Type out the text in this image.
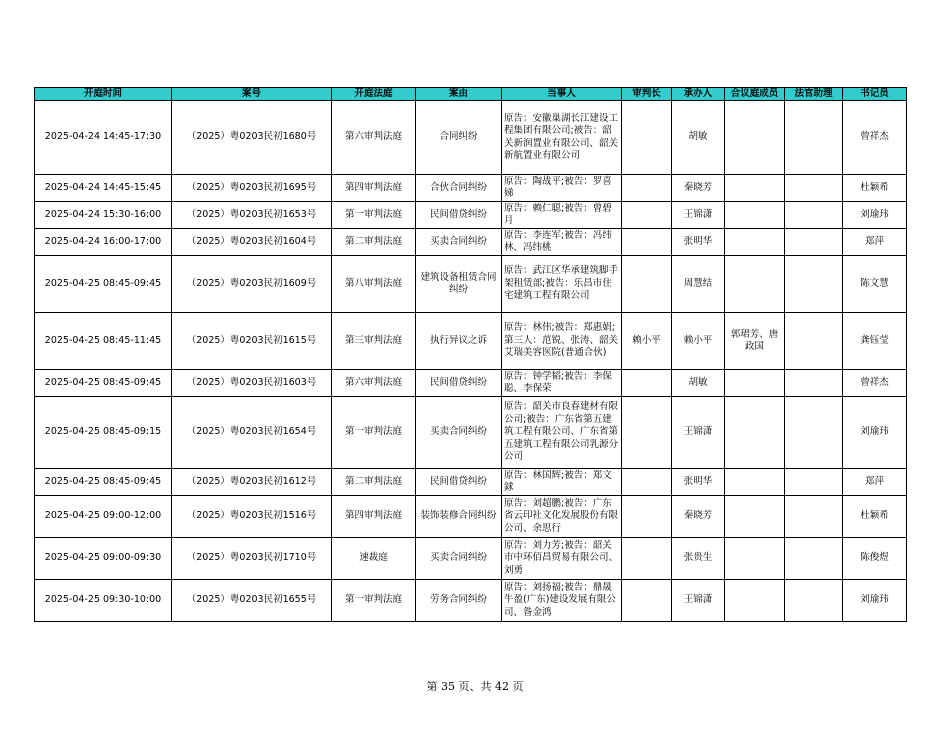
开庭时间	案号	开庭法庭	案由	当事人	审判长	承办人	合议庭成员	法官助理	书记员
2025-04-24 14:45-17:30	（2025）粤0203民初1680号	第六审判法庭	合同纠纷	原告：安徽巢湖长江建设工程集团有限公司;被告：韶关新润置业有限公司、韶关新航置业有限公司		胡敏			曾祥杰
2025-04-24 14:45-15:45	（2025）粤0203民初1695号	第四审判法庭	合伙合同纠纷	原告：陶战平;被告：罗喜娣		秦晓芳			杜颖希
2025-04-24 15:30-16:00	（2025）粤0203民初1653号	第一审判法庭	民间借贷纠纷	原告：赖仁聪;被告：曾碧月		王锦潇			刘瑜玮
2025-04-24 16:00-17:00	（2025）粤0203民初1604号	第二审判法庭	买卖合同纠纷	原告：李连军;被告：冯纬林、冯纬桃		张明华			郑萍
2025-04-25 08:45-09:45	（2025）粤0203民初1609号	第八审判法庭	建筑设备租赁合同纠纷	原告：武江区华承建筑脚手架租赁部;被告：乐昌市住宅建筑工程有限公司		周慧结			陈文慧
2025-04-25 08:45-11:45	（2025）粤0203民初1615号	第三审判法庭	执行异议之诉	原告：林伟;被告：郑惠娟;第三人：范锐、张涛、韶关艾瑞美容医院(普通合伙)	赖小平	赖小平	郭珺芳、唐政国		龚钰莹
2025-04-25 08:45-09:45	（2025）粤0203民初1603号	第六审判法庭	民间借贷纠纷	原告：钟学韬;被告：李保聪、李保荣		胡敏			曾祥杰
2025-04-25 08:45-09:15	（2025）粤0203民初1654号	第一审判法庭	买卖合同纠纷	原告：韶关市良春建材有限公司;被告：广东省第五建筑工程有限公司、广东省第五建筑工程有限公司乳源分公司		王锦潇			刘瑜玮
2025-04-25 08:45-09:45	（2025）粤0203民初1612号	第二审判法庭	民间借贷纠纷	原告：林国辉;被告：郑文銶		张明华			郑萍
2025-04-25 09:00-12:00	（2025）粤0203民初1516号	第四审判法庭	装饰装修合同纠纷	原告：刘超鹏;被告：广东省云印社文化发展股份有限公司、余思行		秦晓芳			杜颖希
2025-04-25 09:00-09:30	（2025）粤0203民初1710号	速裁庭	买卖合同纠纷	原告：刘力芳;被告：韶关市中环佰昌贸易有限公司、刘勇		张贵生			陈俊煜
2025-04-25 09:30-10:00	（2025）粤0203民初1655号	第一审判法庭	劳务合同纠纷	原告：刘扬福;被告：鼎晟牛盈(广东)建设发展有限公司、昝金鸿		王锦潇			刘瑜玮
第 35 页、共 42 页
